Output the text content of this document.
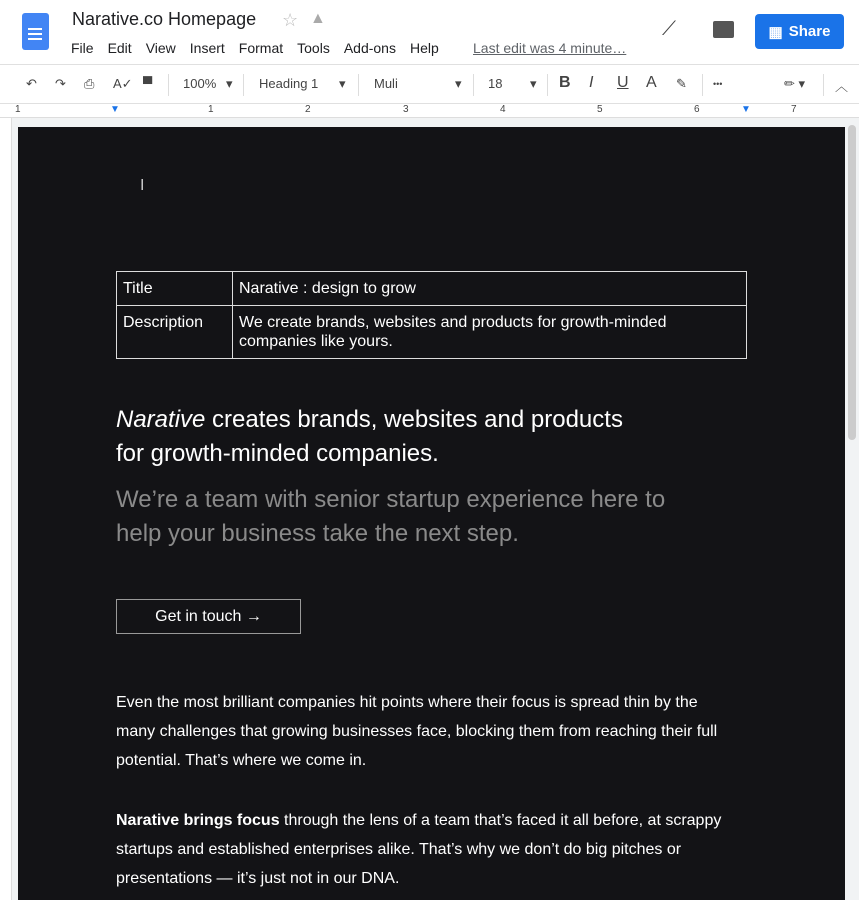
Narative.co Homepage ☆ ▲
File Edit View Insert Format Tools Add-ons Help Last edit was 4 minute…
⟋	▦ Share
↶ ↷ ⎙ A✓ ▀ 100% ▾ Heading 1 ▾ Muli	▾ 18 ▾ B I U A ✎	•••	✏ ▾ ︿
1	▼	1	2	3	4	5	6	▼	7
I
Title	Narative : design to grow
Description	We create brands, websites and products for growth-minded companies like yours.
Narative creates brands, websites and products for growth-minded companies.
We’re a team with senior startup experience here to help your business take the next step.
Get in touch →
Even the most brilliant companies hit points where their focus is spread thin by the many challenges that growing businesses face, blocking them from reaching their full potential. That’s where we come in.
Narative brings focus through the lens of a team that’s faced it all before, at scrappy startups and established enterprises alike. That’s why we don’t do big pitches or presentations — it’s just not in our DNA.
